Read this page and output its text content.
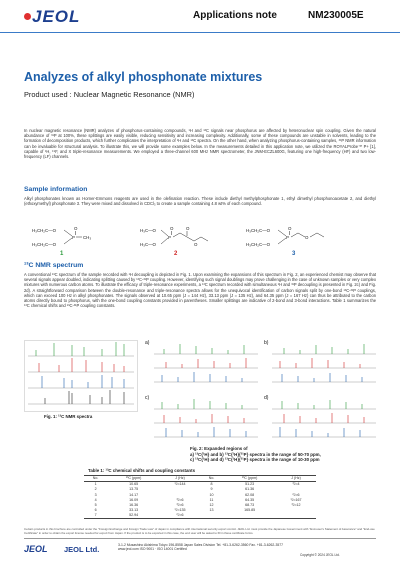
JEOL	Applications note	NM230005E
Analyzes of alkyl phosphonate mixtures
Product used : Nuclear Magnetic Resonance (NMR)
In nuclear magnetic resonance (NMR) analyzes of phosphorus-containing compounds, ¹H and ¹³C signals near phosphorus are affected by heteronuclear spin coupling. Given the natural abundance of ³¹P at 100%, these splittings are easily visible, reducing sensitivity and increasing complexity. Additionally, some of these compounds are unstable in solvents, leading to the formation of decomposition products, which further complicates the interpretation of ¹H and ¹³C spectra. On the other hand, when analyzing phosphorus-containing samples, ³¹P NMR information can be invaluable for structural analysis. To illustrate this, we will provide some examples below. In the measurements detailed in this application note, we utilized the ROYALProbe™ P+ [1], capable of ¹H, ¹⁹F, and X triple-resonance measurements. We employed a three-channel 600 MHz NMR spectrometer, the JNM-ECZL600G, featuring one high-frequency (HF) and two low-frequency (LF) channels.
Sample information
Alkyl phosphonates known as Horner-Emmons reagents are used in the olefination reaction. These include diethyl methylphosphonate 1, ethyl dimethyl phosphonoacetate 2, and diethyl (ethoxymethyl) phosphonate 3. They were mixed and dissolved in CDCl₃ to create a sample containing 4.8 wt% of each compound.
H₃CH₂C—O
P CH₃
O
H₃CH₂C—O
1
H₃C—O
P
O	O
O
H₃C—O
2
H₃CH₂C—O
P
O
O
H₃CH₂C—O
3
¹³C NMR spectrum
A conventional ¹³C spectrum of the sample recorded with ¹H decoupling is depicted in Fig. 1. Upon examining the expansions of this spectrum in Fig. 2, an experienced chemist may observe that several signals appear doubled, indicating splitting caused by ¹³C-³¹P coupling. However, identifying such signal doublings may prove challenging in the case of unknown samples or very complex mixtures with numerous carbon atoms. To illustrate the efficacy of triple-resonance experiments, a ¹³C spectrum recorded with simultaneous ¹H and ³¹P decoupling is presented in Fig. 2c) and Fig. 2d). A straightforward comparison between the double-resonance and triple-resonance spectra allows for the unequivocal identification of carbon signals split by one-bond ¹³C-³¹P couplings, which can exceed 100 Hz in alkyl phosphonates. The signals observed at 10.65 ppm (J = 144 Hz), 33.13 ppm (J = 135 Hz), and 64.35 ppm (J = 167 Hz) can thus be attributed to the carbon atoms directly bound to phosphorus, with the one-bond coupling constants provided in parentheses. Smaller splittings are indicative of 2-bond and 3-bond interactions. Table 1 summarizes the ¹³C chemical shifts and ¹³C-³¹P coupling constants.
Fig. 1: ¹³C NMR spectra
a)	b)
c)	d)
Fig. 2: Expanded regions of
a) ¹³C{¹H} and b) ¹³C{¹H}{³¹P} spectra in the range of 50-70 ppm,
c) ¹³C{¹H} and d) ¹³C{¹H}{³¹P} spectra in the range of 10-30 ppm
Table 1: ¹³C chemical shifts and coupling constants
No.	¹³C (ppm)	J (Hz)	No.	¹³C (ppm)	J (Hz)
1	10.65	¹J=144	8	51.23	³J=4
2	13.75		9	61.36	
3	14.17		10	62.08	²J=6
4	16.09	³J=6	11	64.35	¹J=167
5	16.36	³J=6	12	68.73	³J=12
6	33.13	¹J=135	13	165.85	
7	52.94	²J=6			
Certain products in this brochure are controlled under the "Foreign Exchange and Foreign Trade Law" of Japan in compliance with international security export control. JEOL Ltd. must provide the Japanese Government with "End-user's Statement of Assurance" and "End-use Certificate" in order to obtain the export license needed for export from Japan. If the product is to be exported in this case, the end user will be asked to fill in these certificate forms.
JEOL JEOL Ltd.	3-1-2 Musashino Akishima Tokyo 196-8558 Japan Sales Division Tel. +81-3-6262-3560 Fax. +81-3-6262-3577
www.jeol.com ISO 9001 · ISO 14001 Certified
Copyright © 2024 JEOL Ltd.
